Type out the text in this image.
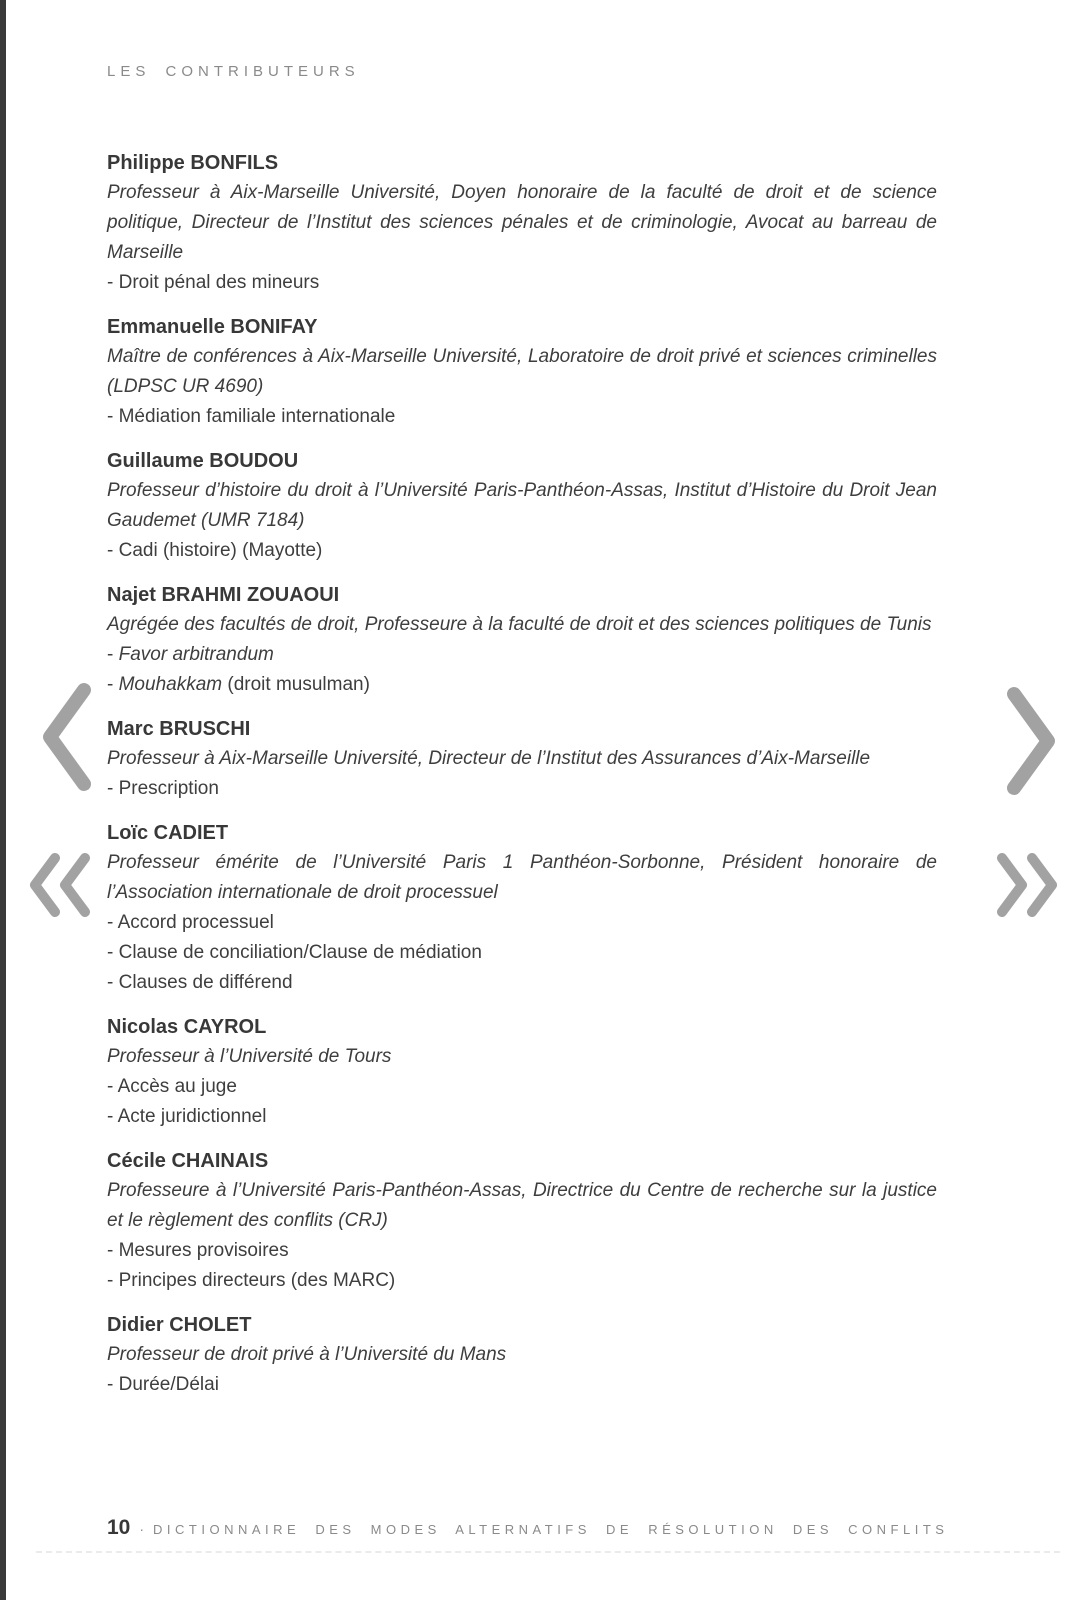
LES CONTRIBUTEURS
Philippe BONFILS

Professeur à Aix-Marseille Université, Doyen honoraire de la faculté de droit et de science politique, Directeur de l’Institut des sciences pénales et de criminologie, Avocat au barreau de Marseille

- Droit pénal des mineurs
Emmanuelle BONIFAY

Maître de conférences à Aix-Marseille Université, Laboratoire de droit privé et sciences criminelles (LDPSC UR 4690)

- Médiation familiale internationale
Guillaume BOUDOU

Professeur d’histoire du droit à l’Université Paris-Panthéon-Assas, Institut d’Histoire du Droit Jean Gaudemet (UMR 7184)

- Cadi (histoire) (Mayotte)
Najet BRAHMI ZOUAOUI

Agrégée des facultés de droit, Professeure à la faculté de droit et des sciences politiques de Tunis

- Favor arbitrandum
- Mouhakkam (droit musulman)
Marc BRUSCHI

Professeur à Aix-Marseille Université, Directeur de l’Institut des Assurances d’Aix-Marseille

- Prescription
Loïc CADIET

Professeur émérite de l’Université Paris 1 Panthéon-Sorbonne, Président honoraire de l’Association internationale de droit processuel

- Accord processuel
- Clause de conciliation/Clause de médiation
- Clauses de différend
Nicolas CAYROL

Professeur à l’Université de Tours

- Accès au juge
- Acte juridictionnel
Cécile CHAINAIS

Professeure à l’Université Paris-Panthéon-Assas, Directrice du Centre de recherche sur la justice et le règlement des conflits (CRJ)

- Mesures provisoires
- Principes directeurs (des MARC)
Didier CHOLET

Professeur de droit privé à l’Université du Mans

- Durée/Délai
10 · DICTIONNAIRE DES MODES ALTERNATIFS DE RÉSOLUTION DES CONFLITS
